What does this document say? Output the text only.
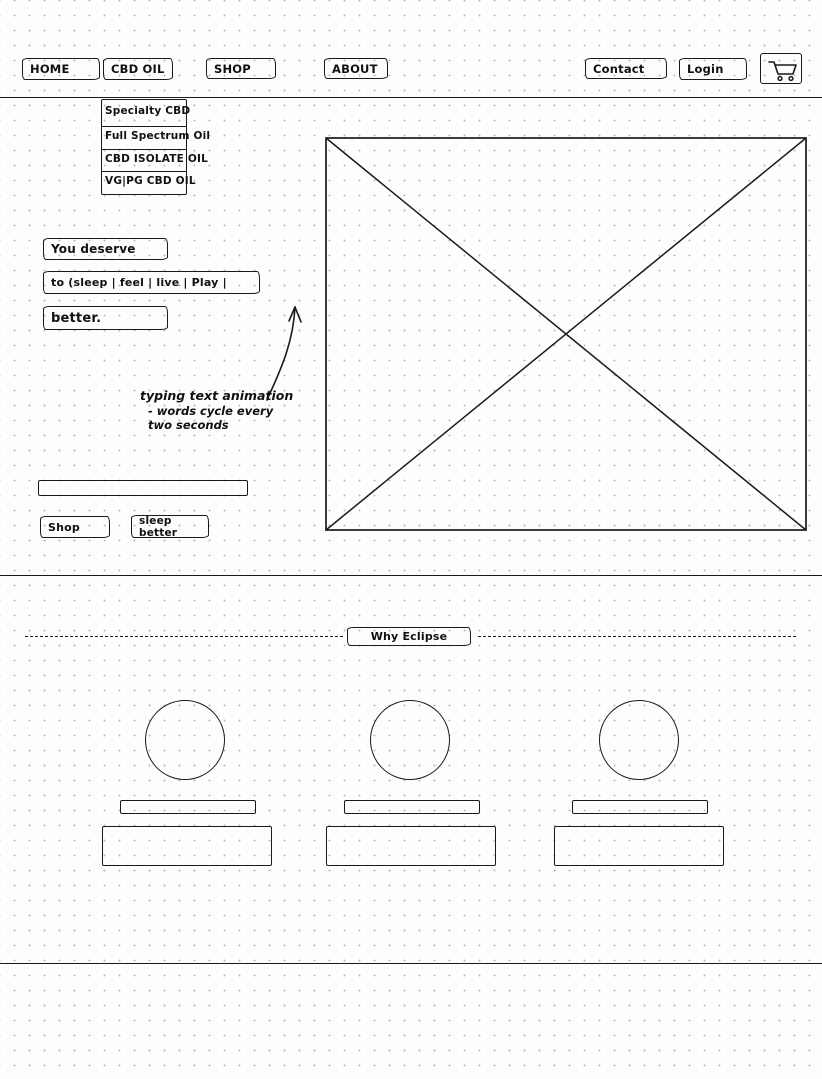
HOME	CBD OIL	SHOP	ABOUT	Contact	Login
Specialty CBD
Full Spectrum Oil
CBD ISOLATE OIL
VG|PG CBD OIL
You deserve
to (sleep | feel | live | Play |
better.
typing text animation
- words cycle every
two seconds
Shop	sleep better
Why Eclipse
